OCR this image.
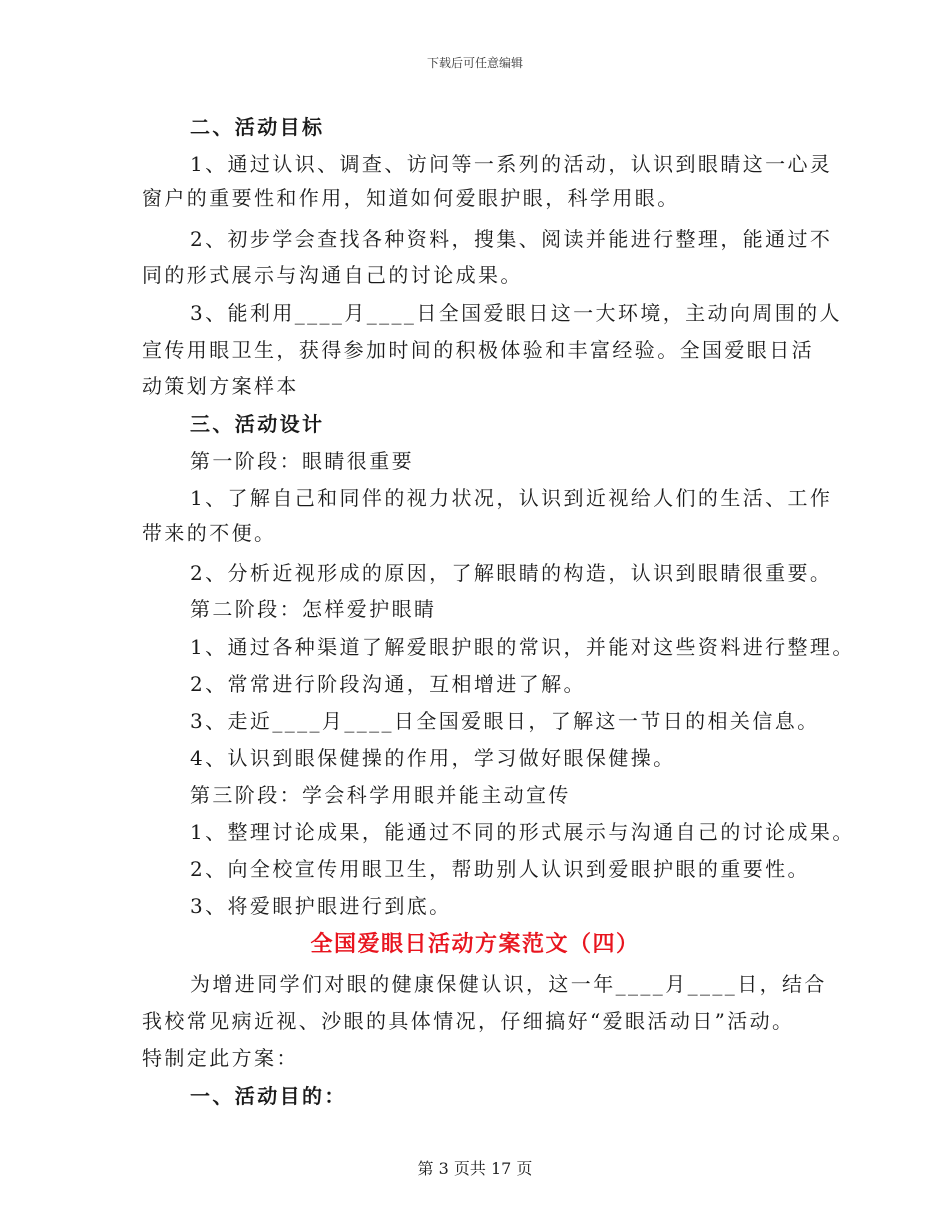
下载后可任意编辑
二、活动目标
1、通过认识、调查、访问等一系列的活动，认识到眼睛这一心灵
窗户的重要性和作用，知道如何爱眼护眼，科学用眼。
2、初步学会查找各种资料，搜集、阅读并能进行整理，能通过不
同的形式展示与沟通自己的讨论成果。
3、能利用____月____日全国爱眼日这一大环境，主动向周围的人
宣传用眼卫生，获得参加时间的积极体验和丰富经验。全国爱眼日活
动策划方案样本
三、活动设计
第一阶段：眼睛很重要
1、了解自己和同伴的视力状况，认识到近视给人们的生活、工作
带来的不便。
2、分析近视形成的原因，了解眼睛的构造，认识到眼睛很重要。
第二阶段：怎样爱护眼睛
1、通过各种渠道了解爱眼护眼的常识，并能对这些资料进行整理。
2、常常进行阶段沟通，互相增进了解。
3、走近____月____日全国爱眼日，了解这一节日的相关信息。
4、认识到眼保健操的作用，学习做好眼保健操。
第三阶段：学会科学用眼并能主动宣传
1、整理讨论成果，能通过不同的形式展示与沟通自己的讨论成果。
2、向全校宣传用眼卫生，帮助别人认识到爱眼护眼的重要性。
3、将爱眼护眼进行到底。
全国爱眼日活动方案范文（四）
为增进同学们对眼的健康保健认识，这一年____月____日，结合
我校常见病近视、沙眼的具体情况，仔细搞好“爱眼活动日”活动。
特制定此方案：
一、活动目的：
第 3 页共 17 页
